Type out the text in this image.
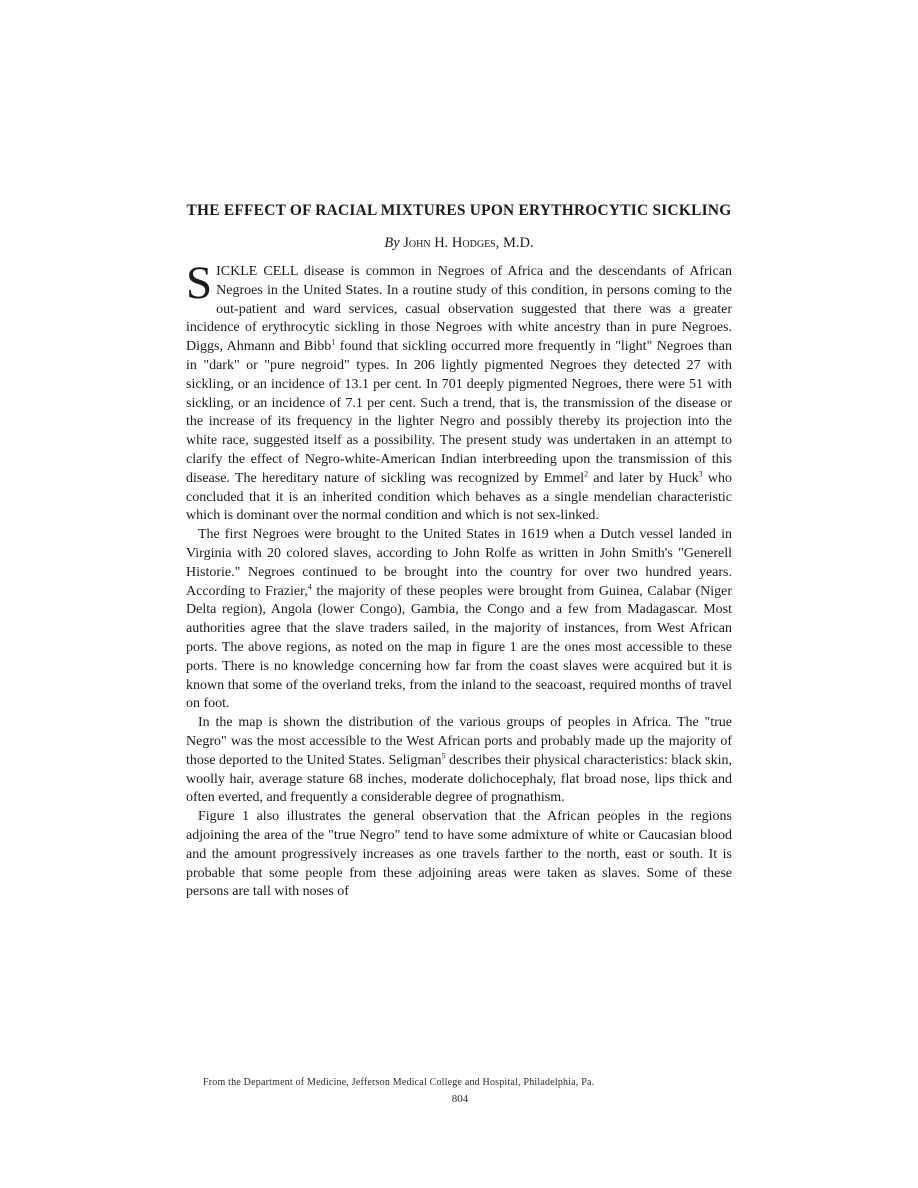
THE EFFECT OF RACIAL MIXTURES UPON ERYTHROCYTIC SICKLING
By John H. Hodges, M.D.

SICKLE CELL disease is common in Negroes of Africa and the descendants of African Negroes in the United States. In a routine study of this condition, in persons coming to the out-patient and ward services, casual observation suggested that there was a greater incidence of erythrocytic sickling in those Negroes with white ancestry than in pure Negroes. Diggs, Ahmann and Bibb$^1$ found that sickling occurred more frequently in "light" Negroes than in "dark" or "pure negroid" types. In 206 lightly pigmented Negroes they detected 27 with sickling, or an incidence of 13.1 per cent. In 701 deeply pigmented Negroes, there were 51 with sickling, or an incidence of 7.1 per cent. Such a trend, that is, the transmission of the disease or the increase of its frequency in the lighter Negro and possibly thereby its projection into the white race, suggested itself as a possibility. The present study was undertaken in an attempt to clarify the effect of Negro-white-American Indian interbreeding upon the transmission of this disease. The hereditary nature of sickling was recognized by Emmel$^2$ and later by Huck$^3$ who concluded that it is an inherited condition which behaves as a single mendelian characteristic which is dominant over the normal condition and which is not sex-linked.

The first Negroes were brought to the United States in 1619 when a Dutch vessel landed in Virginia with 20 colored slaves, according to John Rolfe as written in John Smith's "Generell Historie." Negroes continued to be brought into the country for over two hundred years. According to Frazier,$^4$ the majority of these peoples were brought from Guinea, Calabar (Niger Delta region), Angola (lower Congo), Gambia, the Congo and a few from Madagascar. Most authorities agree that the slave traders sailed, in the majority of instances, from West African ports. The above regions, as noted on the map in figure 1 are the ones most accessible to these ports. There is no knowledge concerning how far from the coast slaves were acquired but it is known that some of the overland treks, from the inland to the seacoast, required months of travel on foot.

In the map is shown the distribution of the various groups of peoples in Africa. The "true Negro" was the most accessible to the West African ports and probably made up the majority of those deported to the United States. Seligman$^5$ describes their physical characteristics: black skin, woolly hair, average stature 68 inches, moderate dolichocephaly, flat broad nose, lips thick and often everted, and frequently a considerable degree of prognathism.

Figure 1 also illustrates the general observation that the African peoples in the regions adjoining the area of the "true Negro" tend to have some admixture of white or Caucasian blood and the amount progressively increases as one travels farther to the north, east or south. It is probable that some people from these adjoining areas were taken as slaves. Some of these persons are tall with noses of

From the Department of Medicine, Jefferson Medical College and Hospital, Philadelphia, Pa.

804
